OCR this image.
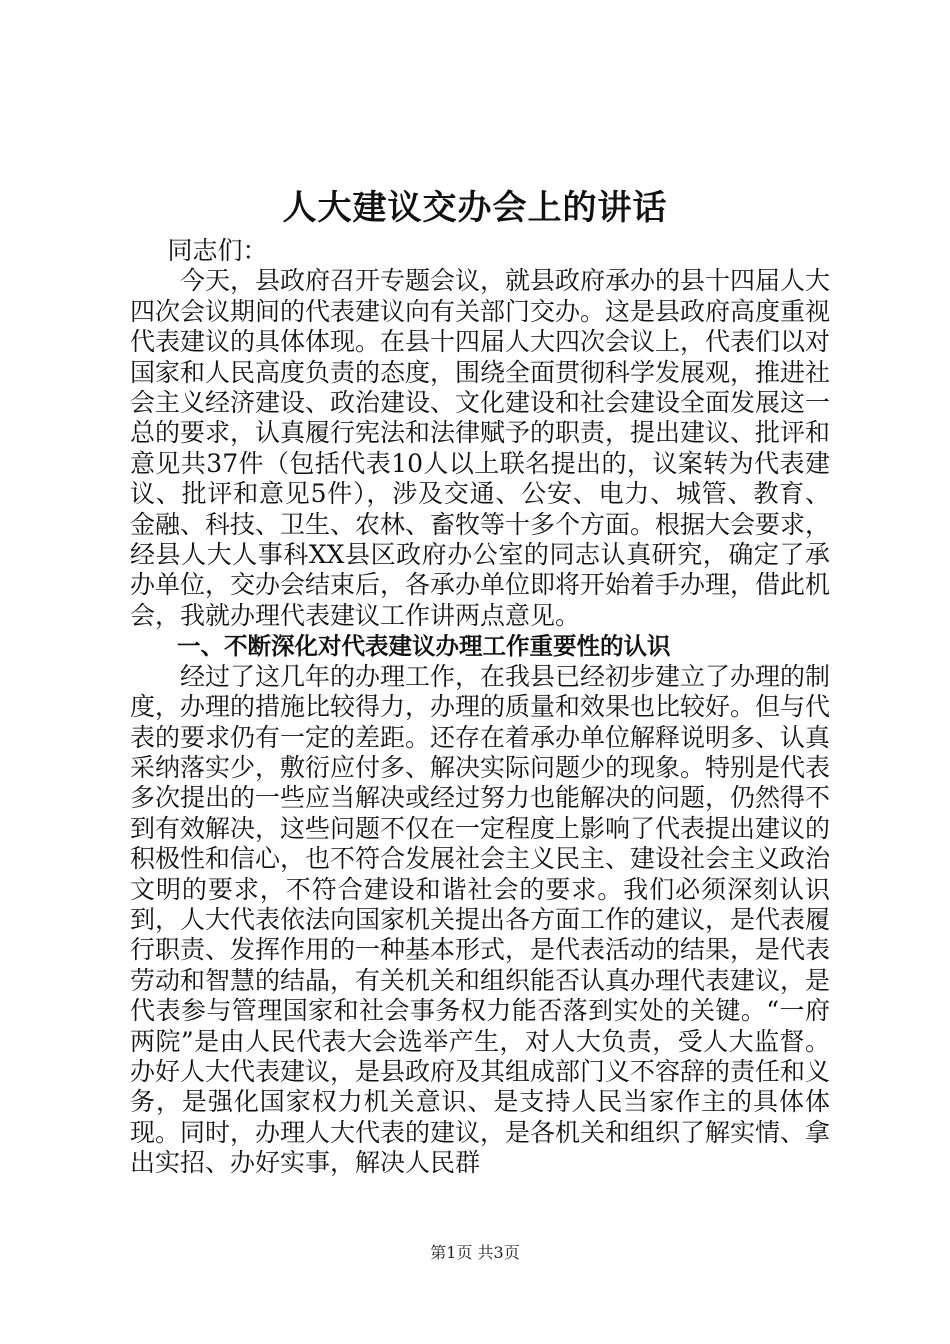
人大建议交办会上的讲话

同志们：

今天，县政府召开专题会议，就县政府承办的县十四届人大四次会议期间的代表建议向有关部门交办。这是县政府高度重视代表建议的具体体现。在县十四届人大四次会议上，代表们以对国家和人民高度负责的态度，围绕全面贯彻科学发展观，推进社会主义经济建设、政治建设、文化建设和社会建设全面发展这一总的要求，认真履行宪法和法律赋予的职责，提出建议、批评和意见共37件（包括代表10人以上联名提出的，议案转为代表建议、批评和意见5件），涉及交通、公安、电力、城管、教育、金融、科技、卫生、农林、畜牧等十多个方面。根据大会要求，经县人大人事科XX县区政府办公室的同志认真研究，确定了承办单位，交办会结束后，各承办单位即将开始着手办理，借此机会，我就办理代表建议工作讲两点意见。

一、不断深化对代表建议办理工作重要性的认识

经过了这几年的办理工作，在我县已经初步建立了办理的制度，办理的措施比较得力，办理的质量和效果也比较好。但与代表的要求仍有一定的差距。还存在着承办单位解释说明多、认真采纳落实少，敷衍应付多、解决实际问题少的现象。特别是代表多次提出的一些应当解决或经过努力也能解决的问题，仍然得不到有效解决，这些问题不仅在一定程度上影响了代表提出建议的积极性和信心，也不符合发展社会主义民主、建设社会主义政治文明的要求，不符合建设和谐社会的要求。我们必须深刻认识到，人大代表依法向国家机关提出各方面工作的建议，是代表履行职责、发挥作用的一种基本形式，是代表活动的结果，是代表劳动和智慧的结晶，有关机关和组织能否认真办理代表建议，是代表参与管理国家和社会事务权力能否落到实处的关键。“一府两院”是由人民代表大会选举产生，对人大负责，受人大监督。办好人大代表建议，是县政府及其组成部门义不容辞的责任和义务，是强化国家权力机关意识、是支持人民当家作主的具体体现。同时，办理人大代表的建议，是各机关和组织了解实情、拿出实招、办好实事，解决人民群

第1页 共3页
